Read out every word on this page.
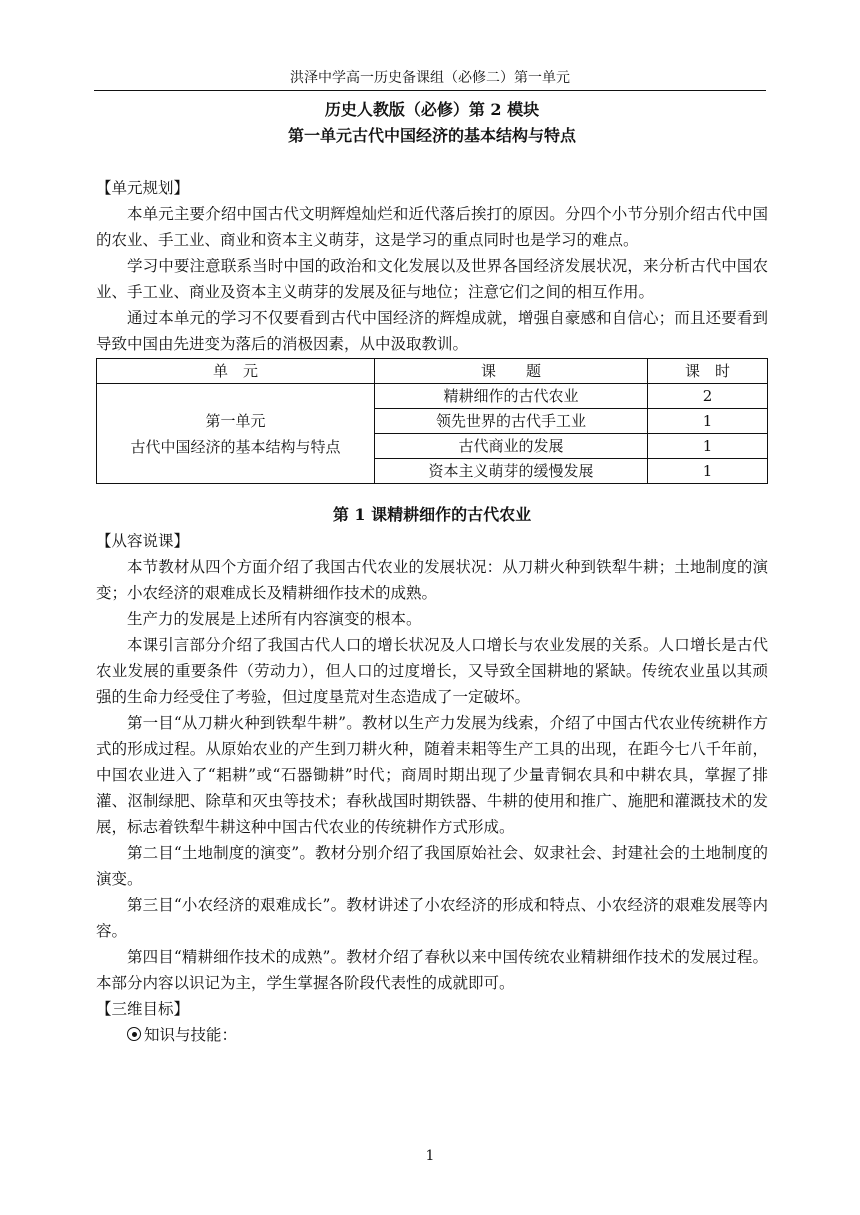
洪泽中学高一历史备课组（必修二）第一单元

历史人教版（必修）第 2 模块

第一单元古代中国经济的基本结构与特点

【单元规划】

本单元主要介绍中国古代文明辉煌灿烂和近代落后挨打的原因。分四个小节分别介绍古代中国的农业、手工业、商业和资本主义萌芽，这是学习的重点同时也是学习的难点。

学习中要注意联系当时中国的政治和文化发展以及世界各国经济发展状况，来分析古代中国农业、手工业、商业及资本主义萌芽的发展及征与地位；注意它们之间的相互作用。

通过本单元的学习不仅要看到古代中国经济的辉煌成就，增强自豪感和自信心；而且还要看到导致中国由先进变为落后的消极因素，从中汲取教训。

单　元	课　　题	课　时

第一单元
古代中国经济的基本结构与特点	精耕细作的古代农业	2
	领先世界的古代手工业	1
	古代商业的发展	1
	资本主义萌芽的缓慢发展	1

第 1 课精耕细作的古代农业

【从容说课】

本节教材从四个方面介绍了我国古代农业的发展状况：从刀耕火种到铁犁牛耕；土地制度的演变；小农经济的艰难成长及精耕细作技术的成熟。

生产力的发展是上述所有内容演变的根本。

本课引言部分介绍了我国古代人口的增长状况及人口增长与农业发展的关系。人口增长是古代农业发展的重要条件（劳动力），但人口的过度增长，又导致全国耕地的紧缺。传统农业虽以其顽强的生命力经受住了考验，但过度垦荒对生态造成了一定破坏。

第一目“从刀耕火种到铁犁牛耕”。教材以生产力发展为线索，介绍了中国古代农业传统耕作方式的形成过程。从原始农业的产生到刀耕火种，随着耒耜等生产工具的出现，在距今七八千年前，中国农业进入了“耜耕”或“石器锄耕”时代；商周时期出现了少量青铜农具和中耕农具，掌握了排灌、沤制绿肥、除草和灭虫等技术；春秋战国时期铁器、牛耕的使用和推广、施肥和灌溉技术的发展，标志着铁犁牛耕这种中国古代农业的传统耕作方式形成。

第二目“土地制度的演变”。教材分别介绍了我国原始社会、奴隶社会、封建社会的土地制度的演变。

第三目“小农经济的艰难成长”。教材讲述了小农经济的形成和特点、小农经济的艰难发展等内容。

第四目“精耕细作技术的成熟”。教材介绍了春秋以来中国传统农业精耕细作技术的发展过程。本部分内容以识记为主，学生掌握各阶段代表性的成就即可。

【三维目标】

知识与技能：

1
